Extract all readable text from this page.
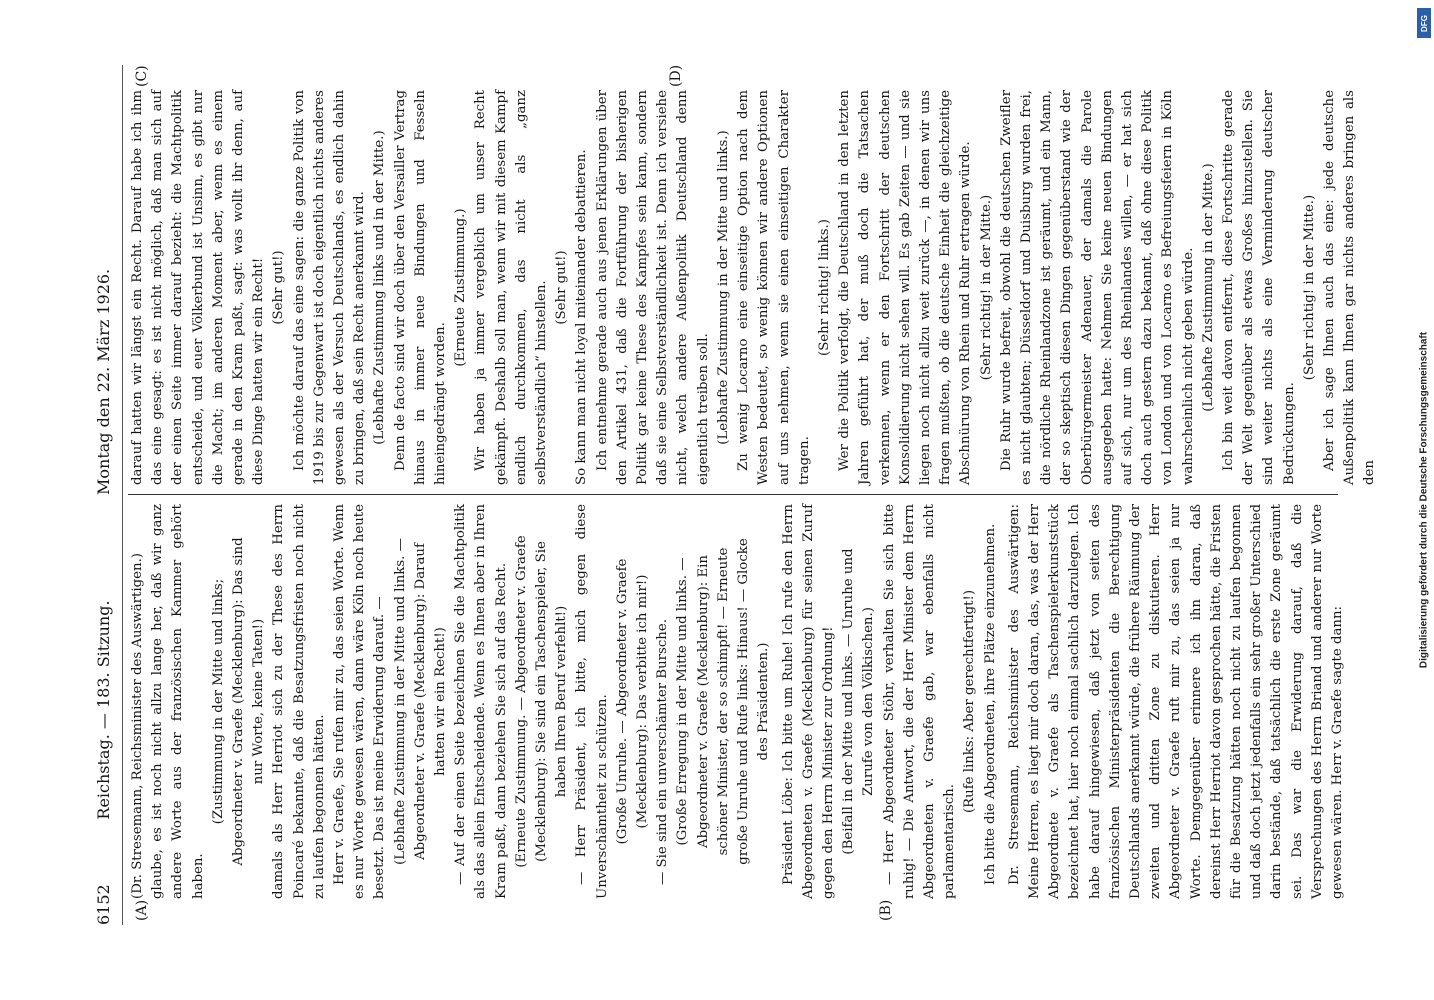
6152
Reichstag. — 183. Sitzung.
Montag den 22. März 1926.
(A)	(B)
(C)	(D)

(Dr. Stresemann, Reichsminister des Auswärtigen.) glaube, es ist noch nicht allzu lange her, daß wir ganz andere Worte aus der französischen Kammer gehört haben.

(Zustimmung in der Mitte und links; Abgeordneter v. Graefe (Mecklenburg): Das sind nur Worte, keine Taten!) damals als Herr Herriot sich zu der These des Herrn Poincaré bekannte, daß die Besatzungsfristen noch nicht zu laufen begonnen hätten. Herr v. Graefe, Sie rufen mir zu, das seien Worte. Wenn es nur Worte gewesen wären, dann wäre Köln noch heute besetzt. Das ist meine Erwiderung darauf. — (Lebhafte Zustimmung in der Mitte und links. — Abgeordneter v. Graefe (Mecklenburg): Darauf hatten wir ein Recht!) — Auf der einen Seite bezeichnen Sie die Machtpolitik als das allein Entscheidende. Wenn es Ihnen aber in Ihren Kram paßt, dann beziehen Sie sich auf das Recht. (Erneute Zustimmung. — Abgeordneter v. Graefe (Mecklenburg): Sie sind ein Taschenspieler, Sie haben Ihren Beruf verfehlt!) — Herr Präsident, ich bitte, mich gegen diese Unverschämtheit zu schützen. (Große Unruhe. — Abgeordneter v. Graefe (Mecklenburg): Das verbitte ich mir!) — Sie sind ein unverschämter Bursche. (Große Erregung in der Mitte und links. — Abgeordneter v. Graefe (Mecklenburg): Ein schöner Minister, der so schimpft! — Erneute große Unruhe und Rufe links: Hinaus! — Glocke des Präsidenten.) Präsident Löbe: Ich bitte um Ruhe! Ich rufe den Herrn Abgeordneten v. Graefe (Mecklenburg) für seinen Zuruf gegen den Herrn Minister zur Ordnung! (Beifall in der Mitte und links. — Unruhe und Zurufe von den Völkischen.) — Herr Abgeordneter Stöhr, verhalten Sie sich bitte ruhig! — Die Antwort, die der Herr Minister dem Herrn Abgeordneten v. Graefe gab, war ebenfalls nicht parlamentarisch.

(Rufe links: Aber gerechtfertigt!) Ich bitte die Abgeordneten, ihre Plätze einzunehmen. Dr. Stresemann, Reichsminister des Auswärtigen: Meine Herren, es liegt mir doch daran, das, was der Herr Abgeordnete v. Graefe als Taschenspielerkunststück bezeichnet hat, hier noch einmal sachlich darzulegen. Ich habe darauf hingewiesen, daß jetzt von seiten des französischen Ministerpräsidenten die Berechtigung Deutschlands anerkannt würde, die frühere Räumung der zweiten und dritten Zone zu diskutieren. Herr Abgeordneter v. Graefe ruft mir zu, das seien ja nur Worte. Demgegenüber erinnere ich ihn daran, daß dereinst Herr Herriot davon gesprochen hätte, die Fristen für die Besatzung hätten noch nicht zu laufen begonnen und daß doch jetzt jedenfalls ein sehr großer Unterschied darin bestände, daß tatsächlich die erste Zone geräumt sei. Das war die Erwiderung darauf, daß die Versprechungen des Herrn Briand und anderer nur Worte gewesen wären. Herr v. Graefe sagte dann:

darauf hatten wir längst ein Recht. Darauf habe ich ihm das eine gesagt: es ist nicht möglich, daß man sich auf der einen Seite immer darauf bezieht: die Machtpolitik entscheide, und euer Völkerbund ist Unsinn, es gibt nur die Macht; im anderen Moment aber, wenn es einem gerade in den Kram paßt, sagt: was wollt ihr denn, auf diese Dinge hatten wir ein Recht! (Sehr gut!) Ich möchte darauf das eine sagen: die ganze Politik von 1919 bis zur Gegenwart ist doch eigentlich nichts anderes gewesen als der Versuch Deutschlands, es endlich dahin zu bringen, daß sein Recht anerkannt wird. (Lebhafte Zustimmung links und in der Mitte.) Denn de facto sind wir doch über den Versailler Vertrag hinaus in immer neue Bindungen und Fesseln hineingedrängt worden.

(Erneute Zustimmung.) Wir haben ja immer vergeblich um unser Recht gekämpft. Deshalb soll man, wenn wir mit diesem Kampf endlich durchkommen, das nicht als „ganz selbstverständlich“ hinstellen. (Sehr gut!) So kann man nicht loyal miteinander debattieren. Ich entnehme gerade auch aus jenen Erklärungen über den Artikel 431, daß die Fortführung der bisherigen Politik gar keine These des Kampfes sein kann, sondern daß sie eine Selbstverständlichkeit ist. Denn ich versiehe nicht, welch andere Außenpolitik Deutschland denn eigentlich treiben soll. (Lebhafte Zustimmung in der Mitte und links.) Zu wenig Locarno eine einseitige Option nach dem Westen bedeutet, so wenig können wir andere Optionen auf uns nehmen, wenn sie einen einseitigen Charakter tragen.

(Sehr richtig! links.) Wer die Politik verfolgt, die Deutschland in den letzten Jahren geführt hat, der muß doch die Tatsachen verkennen, wenn er den Fortschritt der deutschen Konsolidierung nicht sehen will. Es gab Zeiten — und sie liegen noch nicht allzu weit zurück —, in denen wir uns fragen mußten, ob die deutsche Einheit die gleichzeitige Abschnürung von Rhein und Ruhr ertragen würde. (Sehr richtig! in der Mitte.) Die Ruhr wurde befreit, obwohl die deutschen Zweifler es nicht glaubten; Düsseldorf und Duisburg wurden frei, die nördliche Rheinlandzone ist geräumt, und ein Mann, der so skeptisch diesen Dingen gegenüberstand wie der Oberbürgermeister Adenauer, der damals die Parole ausgegeben hatte: Nehmen Sie keine neuen Bindungen auf sich, nur um des Rheinlandes willen, — er hat sich doch auch gestern dazu bekannt, daß ohne diese Politik von London und von Locarno es Befreiungsfeiern in Köln wahrscheinlich nicht geben würde. (Lebhafte Zustimmung in der Mitte.) Ich bin weit davon entfernt, diese Fortschritte gerade der Welt gegenüber als etwas Großes hinzustellen. Sie sind weiter nichts als eine Verminderung deutscher Bedrückungen.

(Sehr richtig! in der Mitte.) Aber ich sage Ihnen auch das eine: jede deutsche Außenpolitik kann Ihnen gar nichts anderes bringen als den

DFG
Digitalisierung gefördert durch die Deutsche Forschungsgemeinschaft
